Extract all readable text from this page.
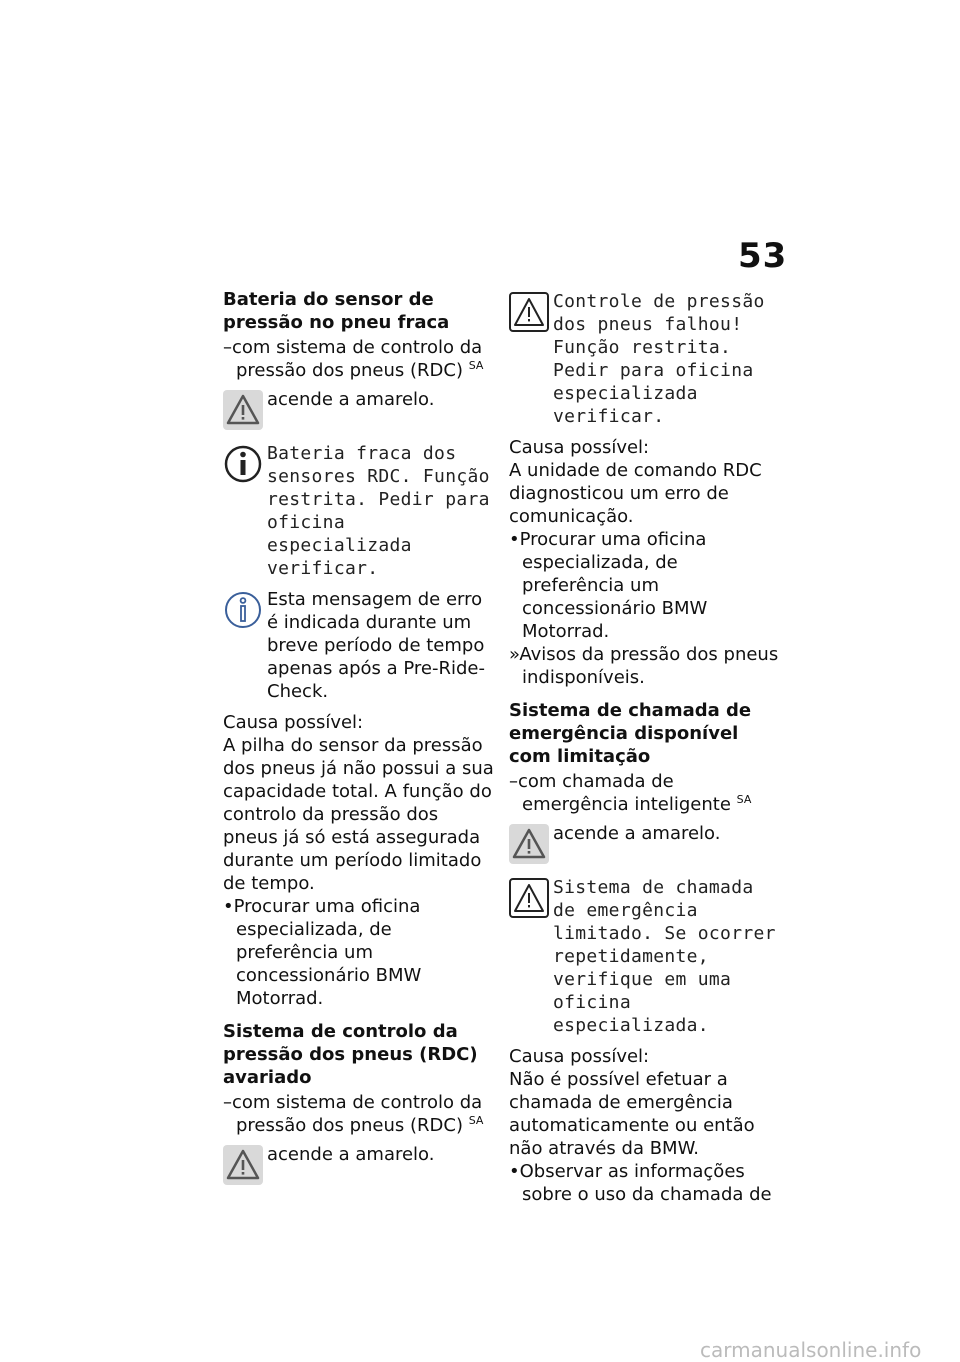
53
Bateria do sensor de pressão no pneu fraca
–com sistema de controlo da pressão dos pneus (RDC) $^{SA}$
acende a amarelo.
Bateria fraca dos sensores RDC. Função restrita. Pedir para oficina especializada verificar.
Esta mensagem de erro é indicada durante um breve período de tempo apenas após a Pre-Ride-Check.
Causa possível:
A pilha do sensor da pressão dos pneus já não possui a sua capacidade total. A função do controlo da pressão dos pneus já só está assegurada durante um período limitado de tempo.
•Procurar uma oficina especializada, de preferência um concessionário BMW Motorrad.
Sistema de controlo da pressão dos pneus (RDC) avariado
–com sistema de controlo da pressão dos pneus (RDC) $^{SA}$
acende a amarelo.
Controle de pressão dos pneus falhou! Função restrita. Pedir para oficina especializada verificar.
Causa possível:
A unidade de comando RDC diagnosticou um erro de comunicação.
•Procurar uma oficina especializada, de preferência um concessionário BMW Motorrad.
»Avisos da pressão dos pneus indisponíveis.
Sistema de chamada de emergência disponível com limitação
–com chamada de emergência inteligente $^{SA}$
acende a amarelo.
Sistema de chamada de emergência limitado. Se ocorrer repetidamente, verifique em uma oficina especializada.
Causa possível:
Não é possível efetuar a chamada de emergência automaticamente ou então não através da BMW.
•Observar as informações sobre o uso da chamada de
carmanualsonline.info
